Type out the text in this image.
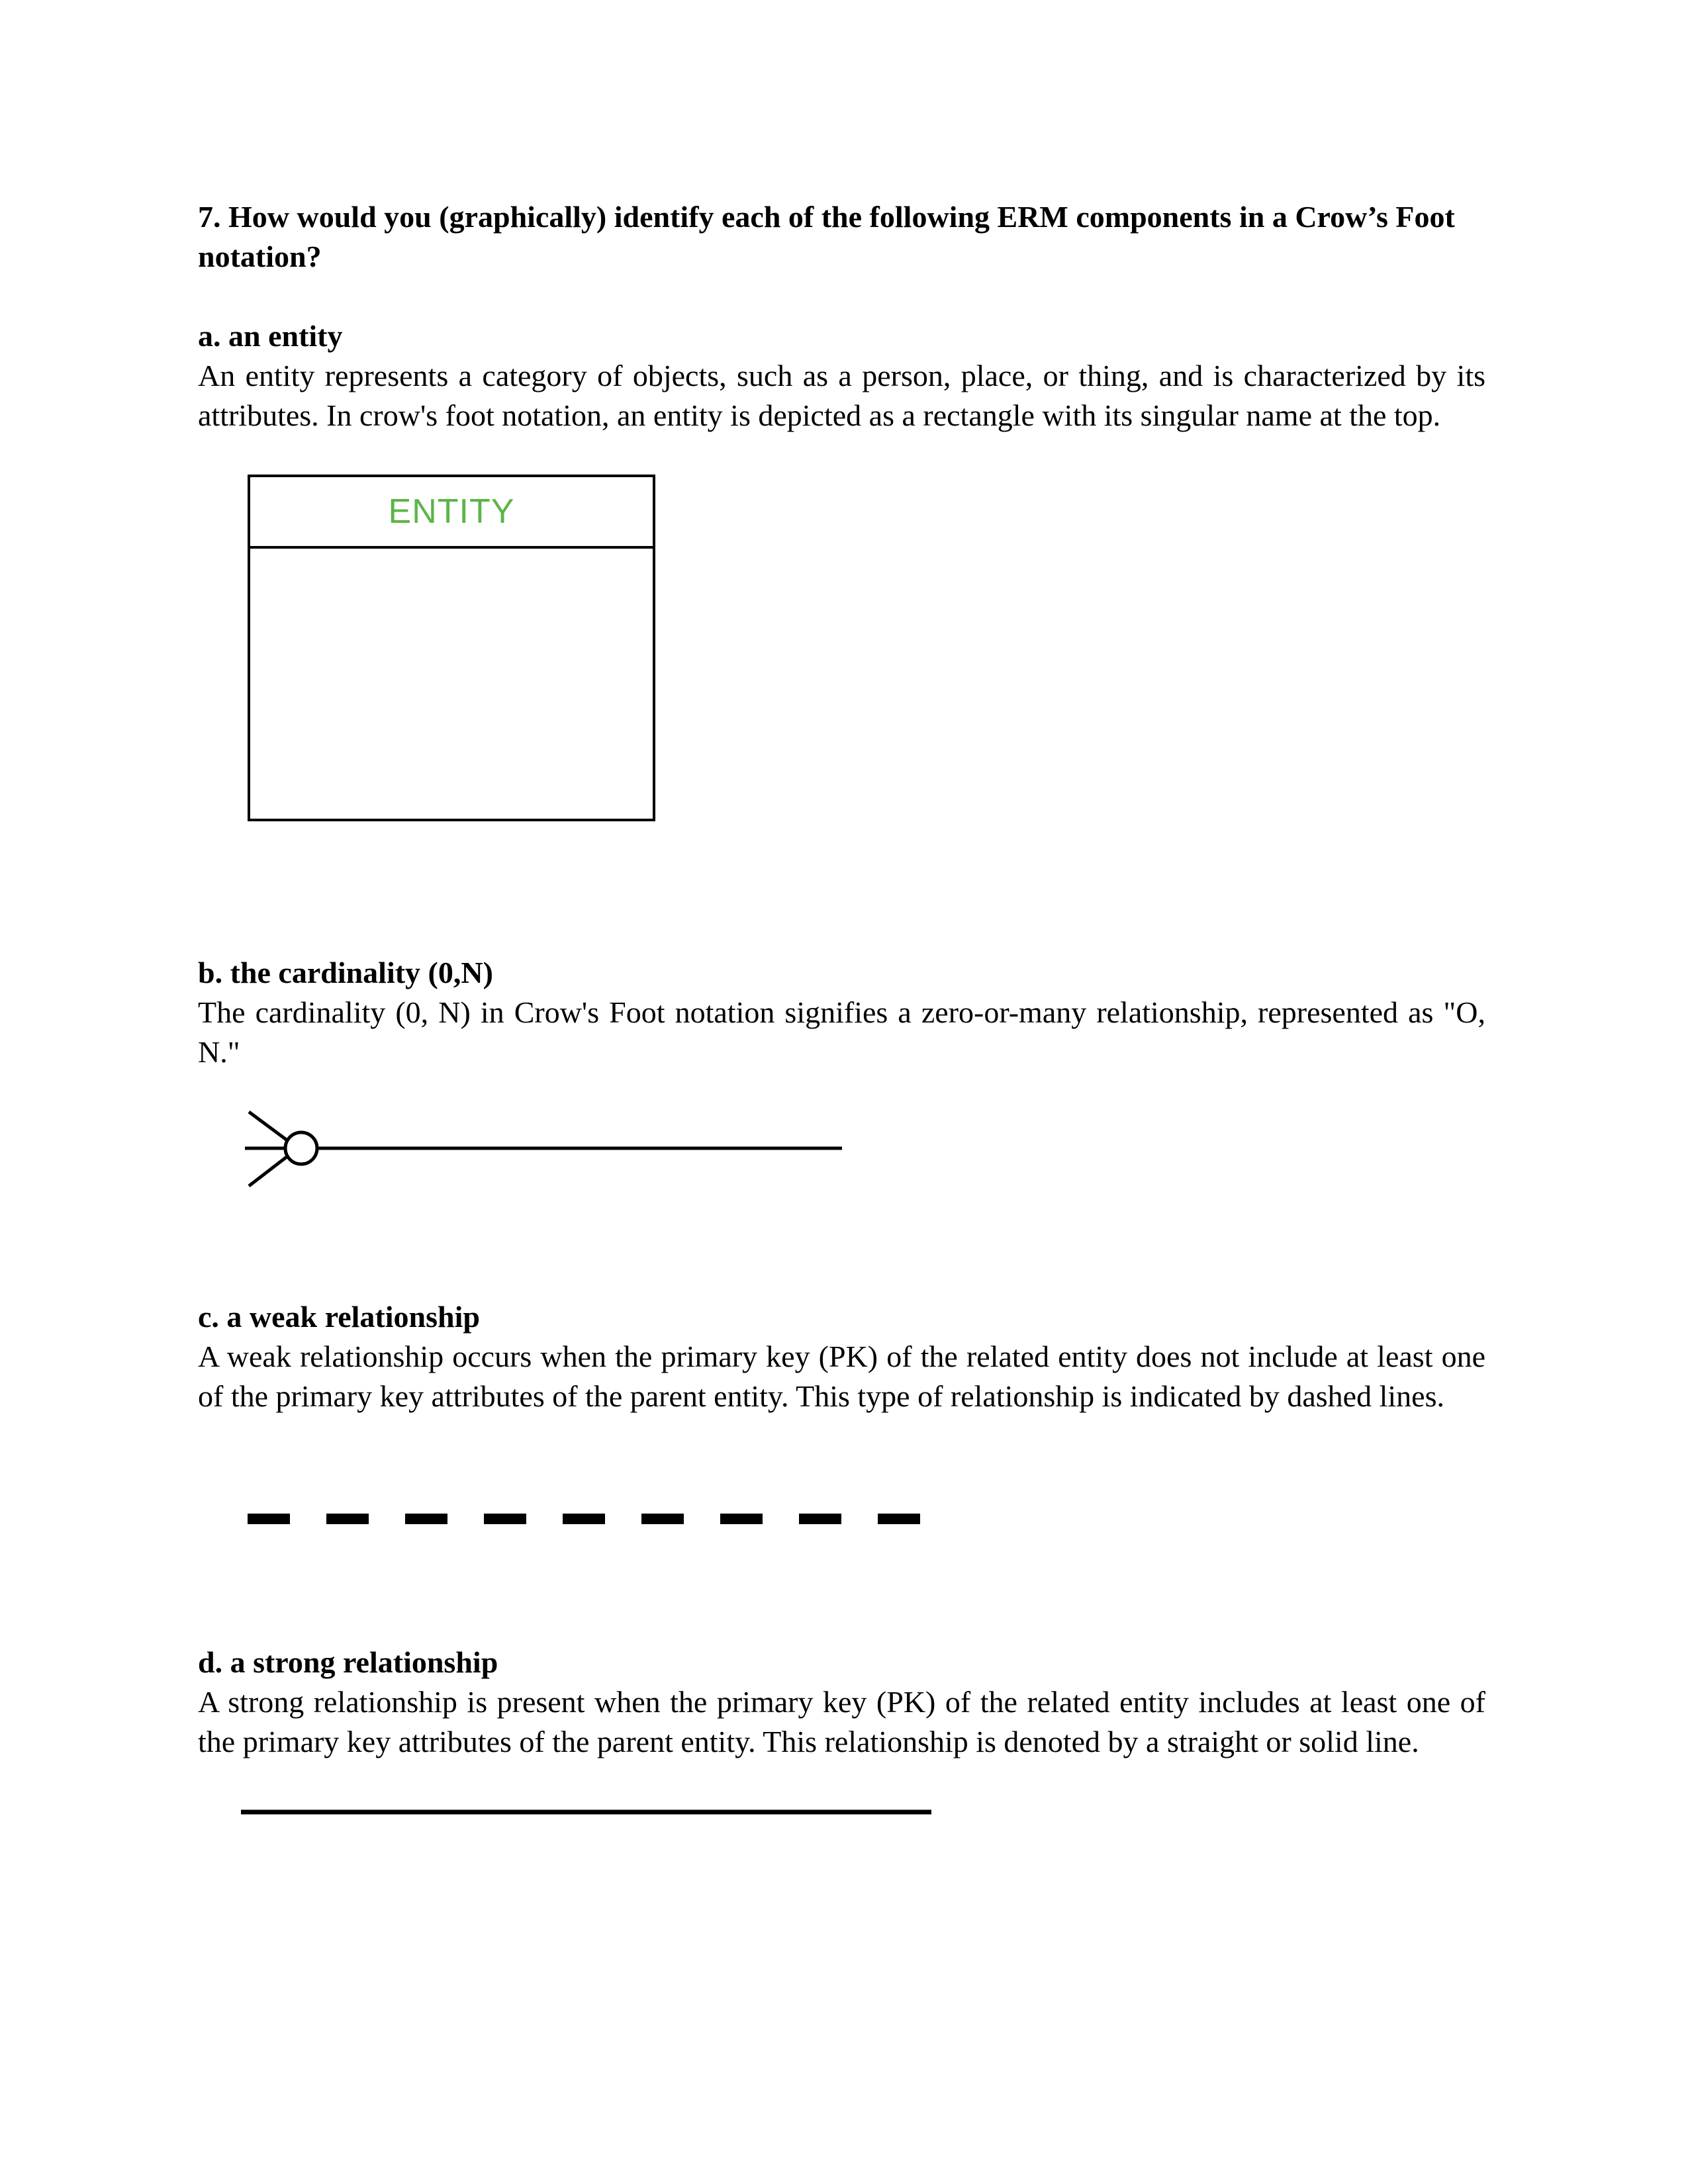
7. How would you (graphically) identify each of the following ERM components in a Crow’s Foot notation?

a. an entity

An entity represents a category of objects, such as a person, place, or thing, and is characterized by its attributes. In crow's foot notation, an entity is depicted as a rectangle with its singular name at the top.

ENTITY

b. the cardinality (0,N)

The cardinality (0, N) in Crow's Foot notation signifies a zero-or-many relationship, represented as "O, N."

c. a weak relationship

A weak relationship occurs when the primary key (PK) of the related entity does not include at least one of the primary key attributes of the parent entity. This type of relationship is indicated by dashed lines.

d. a strong relationship

A strong relationship is present when the primary key (PK) of the related entity includes at least one of the primary key attributes of the parent entity. This relationship is denoted by a straight or solid line.
